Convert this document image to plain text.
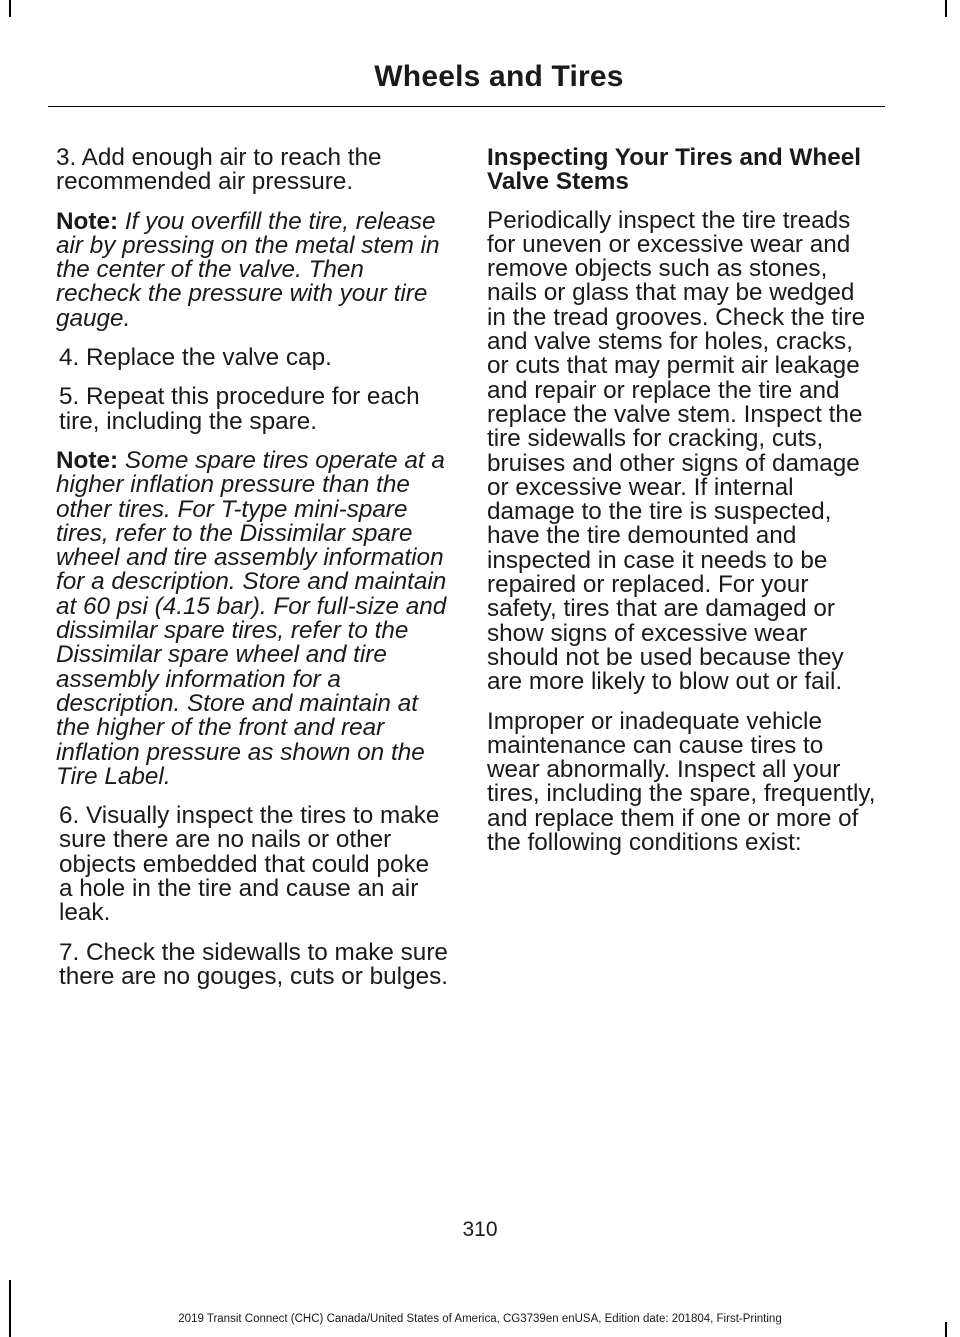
Wheels and Tires

3. Add enough air to reach the recommended air pressure.

Note: If you overfill the tire, release air by pressing on the metal stem in the center of the valve. Then recheck the pressure with your tire gauge.

4. Replace the valve cap.

5. Repeat this procedure for each tire, including the spare.

Note: Some spare tires operate at a higher inflation pressure than the other tires. For T-type mini-spare tires, refer to the Dissimilar spare wheel and tire assembly information for a description. Store and maintain at 60 psi (4.15 bar). For full-size and dissimilar spare tires, refer to the Dissimilar spare wheel and tire assembly information for a description. Store and maintain at the higher of the front and rear inflation pressure as shown on the Tire Label.

6. Visually inspect the tires to make sure there are no nails or other objects embedded that could poke a hole in the tire and cause an air leak.

7. Check the sidewalls to make sure there are no gouges, cuts or bulges.

Inspecting Your Tires and Wheel Valve Stems

Periodically inspect the tire treads for uneven or excessive wear and remove objects such as stones, nails or glass that may be wedged in the tread grooves. Check the tire and valve stems for holes, cracks, or cuts that may permit air leakage and repair or replace the tire and replace the valve stem. Inspect the tire sidewalls for cracking, cuts, bruises and other signs of damage or excessive wear. If internal damage to the tire is suspected, have the tire demounted and inspected in case it needs to be repaired or replaced. For your safety, tires that are damaged or show signs of excessive wear should not be used because they are more likely to blow out or fail.

Improper or inadequate vehicle maintenance can cause tires to wear abnormally. Inspect all your tires, including the spare, frequently, and replace them if one or more of the following conditions exist:

310
2019 Transit Connect (CHC) Canada/United States of America, CG3739en enUSA, Edition date: 201804, First-Printing
